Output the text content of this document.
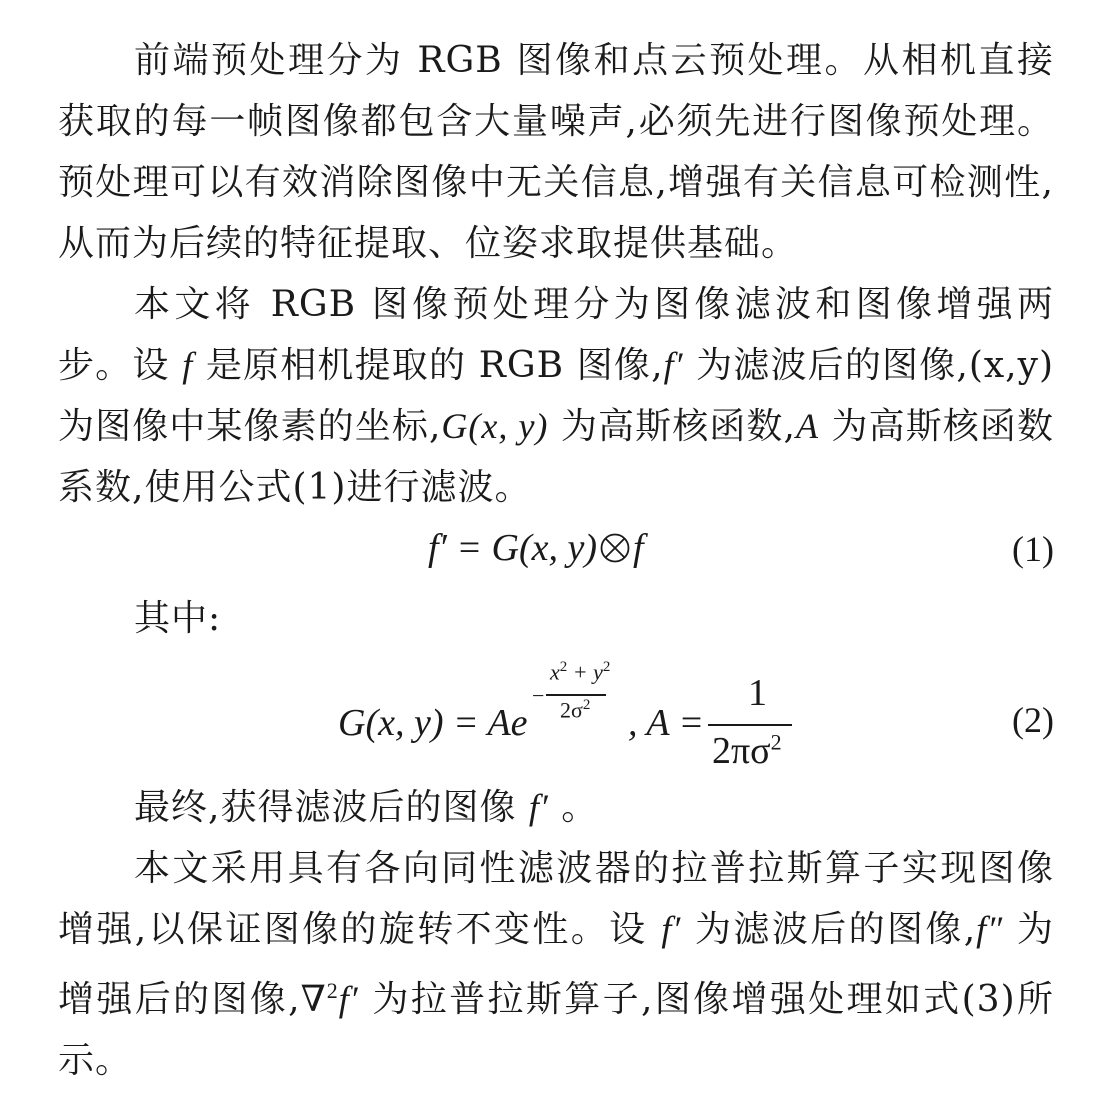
前端预处理分为 RGB 图像和点云预处理。从相机直接获取的每一帧图像都包含大量噪声,必须先进行图像预处理。预处理可以有效消除图像中无关信息,增强有关信息可检测性,从而为后续的特征提取、位姿求取提供基础。

本文将 RGB 图像预处理分为图像滤波和图像增强两步。设 f 是原相机提取的 RGB 图像,f′ 为滤波后的图像,(x,y)为图像中某像素的坐标,G(x, y) 为高斯核函数,A 为高斯核函数系数,使用公式(1)进行滤波。

f′ = G(x, y) f	(1)

其中:

G(x, y) = Ae
−
$x^2 + y^2$
$2\sigma^2$ , A =
1
$2\pi\sigma^2$
(2)

最终,获得滤波后的图像 f′ 。

本文采用具有各向同性滤波器的拉普拉斯算子实现图像增强,以保证图像的旋转不变性。设 f′ 为滤波后的图像,f″ 为增强后的图像,∇$^2$f′ 为拉普拉斯算子,图像增强处理如式(3)所示。
